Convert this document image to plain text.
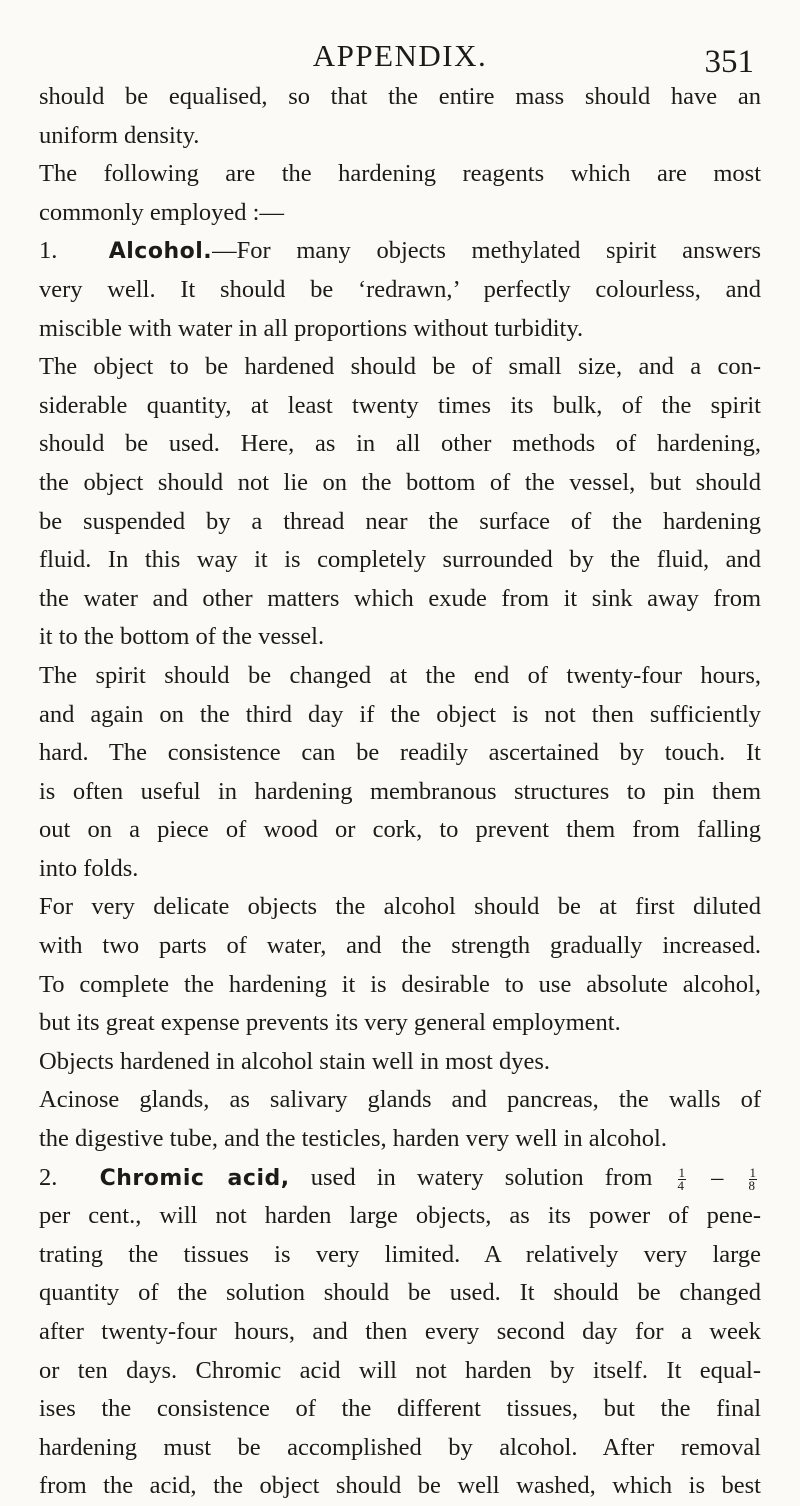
APPENDIX.	351
should be equalised, so that the entire mass should have an
uniform density.
The following are the hardening reagents which are most
commonly employed :—
1. Alcohol.—For many objects methylated spirit answers
very well. It should be ‘redrawn,’ perfectly colourless, and
miscible with water in all proportions without turbidity.
The object to be hardened should be of small size, and a con-
siderable quantity, at least twenty times its bulk, of the spirit
should be used. Here, as in all other methods of hardening,
the object should not lie on the bottom of the vessel, but should
be suspended by a thread near the surface of the hardening
fluid. In this way it is completely surrounded by the fluid, and
the water and other matters which exude from it sink away from
it to the bottom of the vessel.
The spirit should be changed at the end of twenty-four hours,
and again on the third day if the object is not then sufficiently
hard. The consistence can be readily ascertained by touch. It
is often useful in hardening membranous structures to pin them
out on a piece of wood or cork, to prevent them from falling
into folds.
For very delicate objects the alcohol should be at first diluted
with two parts of water, and the strength gradually increased.
To complete the hardening it is desirable to use absolute alcohol,
but its great expense prevents its very general employment.
Objects hardened in alcohol stain well in most dyes.
Acinose glands, as salivary glands and pancreas, the walls of
the digestive tube, and the testicles, harden very well in alcohol.
2. Chromic acid, used in watery solution from $\frac{1}{4} - \frac{1}{8}$
per cent., will not harden large objects, as its power of pene-
trating the tissues is very limited. A relatively very large
quantity of the solution should be used. It should be changed
after twenty-four hours, and then every second day for a week
or ten days. Chromic acid will not harden by itself. It equal-
ises the consistence of the different tissues, but the final
hardening must be accomplished by alcohol. After removal
from the acid, the object should be well washed, which is best
